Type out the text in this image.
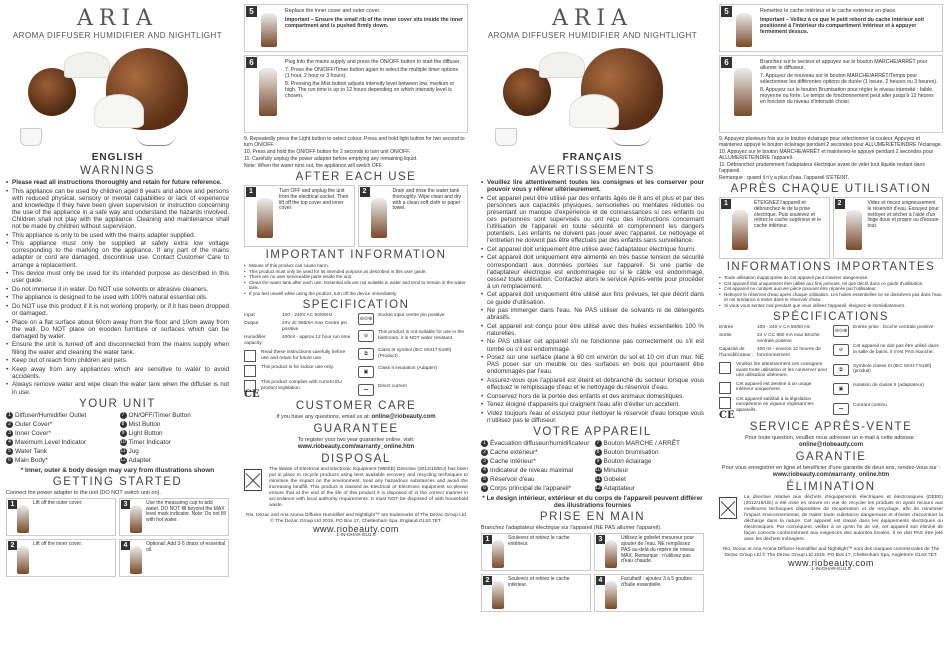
ARIA
AROMA DIFFUSER HUMIDIFIER AND NIGHTLIGHT
ENGLISH
WARNINGS
• Please read all instructions thoroughly and retain for future reference.
• This appliance can be used by children aged 8 years and above and persons with reduced physical, sensory or mental capabilities or lack of experience and knowledge if they have been given supervision or instruction concerning the use of the appliance in a safe way and understand the hazards involved. Children shall not play with the appliance. Cleaning and maintenance shall not be made by children without supervision.
• This appliance is only to be used with the mains adapter supplied.
• This appliance must only be supplied at safety extra low voltage corresponding to the marking on the appliance. If any part of the mains adapter or cord are damaged, discontinue use. Contact Customer Care to arrange a replacement.
• This device must only be used for its intended purpose as described in this user guide.
• Do not immerse it in water. Do NOT use solvents or abrasive cleaners.
• The appliance is designed to be used with 100% natural essential oils.
• Do NOT use this product if it is not working properly, or if it has been dropped or damaged.
• Place on a flat surface about 60cm away from the floor and 10cm away from the wall. Do NOT place on wooden furniture or surfaces which can be damaged by water.
• Ensure the unit is turned off and disconnected from the mains supply when filling the water and cleaning the water tank.
• Keep out of reach from children and pets.
• Keep away from any appliances which are sensitive to water to avoid accidents.
• Always remove water and wipe clean the water tank when the diffuser is not in use.
YOUR UNIT
1 Diffuser/Humidifier Outlet	7 ON/OFF/Timer Button
2 Outer Cover*	8 Mist Button
3 Inner Cover*	9 Light Button
4 Maximum Level Indicator	10 Timer Indicator
5 Water Tank	11 Jug
6 Main Body*	12 Adapter
* Inner, outer & body design may vary from illustrations shown
GETTING STARTED
Connect the power adapter to the unit (DO NOT switch unit on).
1	Lift off the outer cover.	3	Use the measuring cup to add water. DO NOT fill beyond the MAX level mark indicator. Note: Do not fill with hot water.
2	Lift off the inner cover.	4	Optional: Add 3-5 drops of essential oil.
5	Replace the inner cover and outer cover.

Important – Ensure the small rib of the inner cover sits inside the inner compartment and is pushed firmly down.

6	Plug into the mains supply and press the ON/OFF button to start the diffuser.

7. Press the ON/OFF/Timer button again to select the multiple timer options (1 hour, 2 hour or 3 hours).

8. Pressing the Mist button adjusts intensity level between low, medium or high. The run time is up to 12 hours depending on which intensity level is chosen.

9. Repeatedly press the Light button to select colour. Press and hold light button for two second to turn ON/OFF.

10. Press and hold the ON/OFF button for 2 seconds to turn unit ON/OFF.

11. Carefully unplug the power adapter before emptying any remaining liquid.

Note: When the water runs out, the appliance will switch OFF.

AFTER EACH USE
1	Turn OFF and unplug the unit from the electrical socket. Then lift off the top cover and inner cover.
2	Drain and rinse the water tank thoroughly. Wipe clean and dry with a clean soft cloth or paper towel.
IMPORTANT INFORMATION
• Misuse of this product can cause harm.
• This product must only be used for its intended purpose as described in this user guide.
• There are no user serviceable parts inside the unit.
• Clean the water tank after each use. Essential oils are not suitable in water and tend to remain in the water tank.
• If you feel unwell while using the product, turn off the device immediately.
SPECIFICATION
Input	100 - 240V AC 50/60Hz
Output	24V dc 650mA max Centre pin positive
Humidifier capacity:
400ml - approx 12 hour run time
Read these instructions carefully before use and retain for future use.
This product is for indoor use only.
This product complies with current EU product legislation.
CE
⊖⊙⊕
Socket input centre pin positive
⊘
This product is not suitable for use in the bathroom, it is NOT water resistant.
⧉
Class III symbol (IEC 60417-5180)(Product)
▣
Class II insulation (Adapter)
⎓
Direct current
CUSTOMER CARE
If you have any questions, email us at: online@riobeauty.com
GUARANTEE
To register your two year guarantee online, visit:
www.riobeauty.com/warranty_online.htm
DISPOSAL
The Waste of Electrical and Electronic Equipment (WEEE) Directive (2012/19/EU) has been put in place to recycle products using best available recovery and recycling techniques to minimise the impact on the environment, treat any hazardous substances and avoid the increasing landfill. This product is classed as Electrical or Electronic equipment so please ensure that at the end of the life of this product it is disposed of in the correct manner in accordance with local authority requirements. It must NOT be disposed of with household waste.
Rio, Dezac and Aria Aroma Diffuser Humidifier and Nightlight™ are trademarks of The Dezac Group Ltd © The Dezac Group Ltd 2019. PO Box 17, Cheltenham Spa, England GL53 7ET.
www.riobeauty.com
1-IN-DHAR-EU1.0
ARIA
AROMA DIFFUSER HUMIDIFIER AND NIGHTLIGHT
FRANÇAIS
AVERTISSEMENTS
• Veuillez lire attentivement toutes les consignes et les conserver pour pouvoir vous y référer ultérieurement.
• Cet appareil peut être utilisé par des enfants âgés de 8 ans et plus et par des personnes aux capacités physiques, sensorielles ou mentales réduites ou présentant un manque d'expérience et de connaissances si ces enfants ou ces personnes sont supervisés ou ont reçu des instructions concernant l'utilisation de l'appareil en toute sécurité et comprennent les dangers potentiels. Les enfants ne doivent pas jouer avec l'appareil. Le nettoyage et l'entretien ne doivent pas être effectués par des enfants sans surveillance.
• Cet appareil doit uniquement être utilisé avec l'adaptateur électrique fourni.
• Cet appareil doit uniquement être alimenté en très basse tension de sécurité correspondant aux données portées sur l'appareil. Si une partie de l'adaptateur électrique est endommagée ou si le câble est endommagé, cessez toute utilisation. Contactez alors le service Après-vente pour procéder à un remplacement.
• Cet appareil doit uniquement être utilisé aux fins prévues, tel que décrit dans ce guide d'utilisation.
• Ne pas immerger dans l'eau. Ne PAS utiliser de solvants ni de détergents abrasifs.
• Cet appareil est conçu pour être utilisé avec des huiles essentielles 100 % naturelles.
• Ne PAS utiliser cet appareil s'il ne fonctionne pas correctement ou s'il est tombé ou s'il est endommagé.
• Posez sur une surface plane à 60 cm environ du sol et 10 cm d'un mur. NE PAS poser sur un meuble ou des surfaces en bois qui pourraient être endommagés par l'eau.
• Assurez-vous que l'appareil est éteint et débranché du secteur lorsque vous effectuez le remplissage d'eau et le nettoyage du réservoir d'eau.
• Conservez hors de la portée des enfants et des animaux domestiques.
• Tenez éloigné d'appareils qui craignent l'eau afin d'éviter un accident.
• Videz toujours l'eau et essuyez pour nettoyer le réservoir d'eau lorsque vous n'utilisez pas le diffuseur.
VOTRE APPAREIL
1 Évacuation diffuseur/humidificateur	7 Bouton MARCHE / ARRÊT
2 Cache extérieur*	8 Bouton brumisation
3 Cache intérieur*	9 Bouton éclairage
4 Indicateur de niveau maximal	10 Minuteur
5 Réservoir d'eau	11 Gobelet
6 Corps principal de l'appareil*	12 Adaptateur
* Le design intérieur, extérieur et du corps de l'appareil peuvent différer des illustrations fournies
PRISE EN MAIN
Branchez l'adaptateur électrique sur l'appareil (NE PAS allumer l'appareil).
1	Soulevez et retirez le cache extérieur.
3	Utilisez le gobelet mesureur pour ajouter de l'eau. NE remplissez PAS au-delà du repère de niveau MAX. Remarque : n'utilisez pas d'eau chaude.
2	Soulevez et retirez le cache intérieur.
4	Facultatif : ajoutez 3 à 5 gouttes d'huile essentielle.
5	Remettez le cache intérieur et le cache extérieur en place.

Important – Veillez à ce que le petit rebord du cache intérieur soit positionné à l'intérieur du compartiment intérieur et à appuyer fermement dessus.

6	Branchez sur le secteur et appuyez sur le bouton MARCHE/ARRÊT pour allumer le diffuseur.

7. Appuyez de nouveau sur le bouton MARCHE/ARRÊT/Temps pour sélectionner les différentes options de durée (1 heure, 2 heures ou 3 heures).

8. Appuyez sur le bouton Brumisation pour régler le niveau intensité : faible, moyenne ou forte. Le temps de fonctionnement peut aller jusqu'à 12 heures en fonction du niveau d'intensité choisi.

9. Appuyez plusieurs fois sur le bouton éclairage pour sélectionner la couleur. Appuyez et maintenez appuyé le bouton éclairage pendant 2 secondes pour ALLUMER/ÉTEINDRE l'éclairage.

10. Appuyez sur le bouton MARCHE/ARRÊT et maintenez-le appuyé pendant 2 secondes pour ALLUMER/ÉTEINDRE l'appareil.

11. Débranchez prudemment l'adaptateur électrique avant de vider tout liquide restant dans l'appareil.

Remarque : quand il n'y a plus d'eau, l'appareil S'ÉTEINT.

APRÈS CHAQUE UTILISATION
1	ÉTEIGNEZ l'appareil et débranchez-le de la prise électrique. Puis soulevez et retirez le cache supérieur et le cache intérieur.
2	Videz et rincez soigneusement le réservoir d'eau. Essuyez pour nettoyer et sécher à l'aide d'un linge doux et propre ou d'essuie-tout.
INFORMATIONS IMPORTANTES
• Toute utilisation inappropriée de cet appareil peut s'avérer dangereuse.
• Cet appareil doit uniquement être utilisé aux fins prévues, tel que décrit dans ce guide d'utilisation.
• Cet appareil ne contient aucune pièce pouvant être réparée par l'utilisateur.
• Nettoyez le réservoir d'eau après chaque utilisation. Les huiles essentielles ne se dissolvent pas dans l'eau et ont tendance à rester dans le réservoir d'eau.
• Si vous vous sentez mal pendant que vous utilisez l'appareil, éteignez-le immédiatement.
SPÉCIFICATIONS
Entrée	100 - 240 V CA 50/60 Hz
Sortie	24 V CC 650 mA max Broche centrale positive
Capacité de l'humidificateur :
400 ml - environ 12 heures de fonctionnement
Veuillez lire attentivement ces consignes avant toute utilisation et les conserver pour une utilisation ultérieure.
Cet appareil est destiné à un usage intérieur uniquement.
Cet appareil satisfait à la législation européenne en vigueur régissant les appareils.
CE
⊖⊙⊕
Entrée prise : broche centrale positive
⊘
Cet appareil ne doit pas être utilisé dans la salle de bains, il n'est PAS étanche.
⧉
Symbole classe III (IEC 60417-5180)(produit)
▣
Isolation de classe II (adaptateur)
⎓
Courant continu
SERVICE APRÈS-VENTE
Pour toute question, veuillez nous adresser un e-mail à cette adresse : online@riobeauty.com
GARANTIE
Pour vous enregistrer en ligne et bénéficier d'une garantie de deux ans, rendez-vous sur :
www.riobeauty.com/warranty_online.htm
ÉLIMINATION
La directive relative aux déchets d'équipements électriques et électroniques (DEEE) (2012/19/UE) a été mise en œuvre en vue de recycler les produits en ayant recours aux meilleures techniques disponibles de récupération et de recyclage, afin de minimiser l'impact environnemental, de traiter toute substance dangereuse et d'éviter d'accentuer la décharge dans la nature. Cet appareil est classé dans les équipements électriques ou électroniques. Par conséquent, veillez à ce qu'en fin de vie, cet appareil soit éliminé de façon correcte conformément aux exigences des autorités locales. Il ne doit PAS être jeté avec les déchets ménagers.
Rio, Dezac et Aria Aroma Diffuser Humidifier and Nightlight™ sont des marques commerciales de The Dezac Group Ltd © The Dezac Group Ltd 2019. PO Box 17, Cheltenham Spa, Angleterre GL53 7ET.
www.riobeauty.com
1-IN-DHAR-EU1.0
